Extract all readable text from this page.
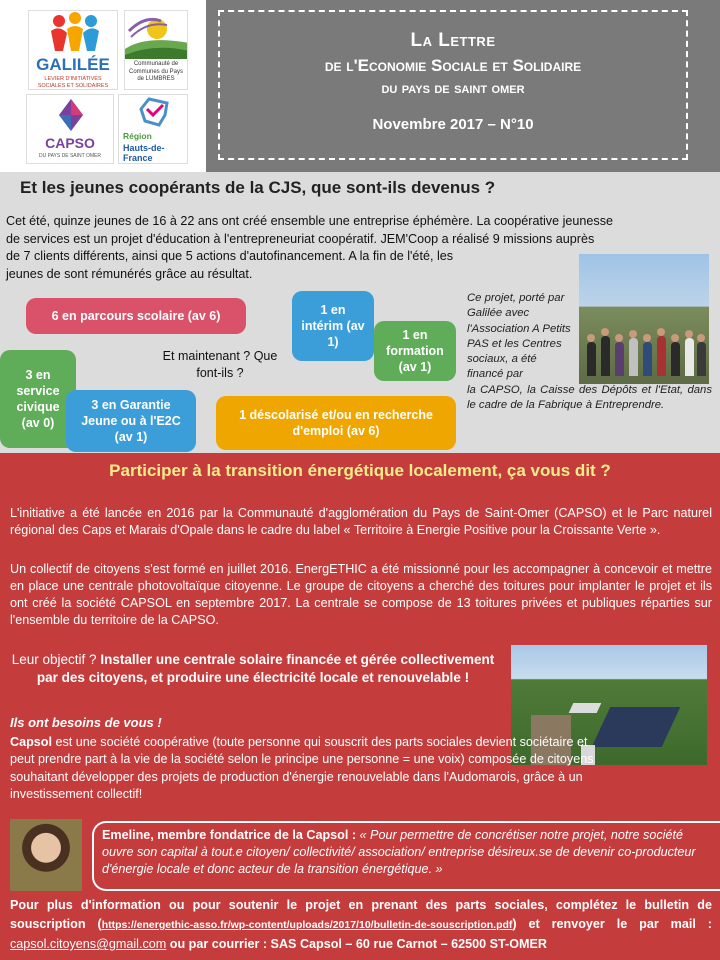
GALILÉE
LEVIER D'INITIATIVES SOCIALES ET SOLIDAIRES
Communauté de Communes du Pays de LUMBRES
CAPSO
DU PAYS DE SAINT OMER
Région
Hauts-de-France
La Lettre
de l'Economie Sociale et Solidaire
du pays de saint omer
Novembre 2017 – N°10
Et les jeunes coopérants de la CJS, que sont-ils devenus ?
Cet été, quinze jeunes de 16 à 22 ans ont créé ensemble une entreprise éphémère. La coopérative jeunesse
de services est un projet d'éducation à l'entrepreneuriat coopératif. JEM'Coop a réalisé 9 missions auprès
de 7 clients différents, ainsi que 5 actions d'autofinancement. A la fin de l'été, les
jeunes de sont rémunérés grâce au résultat.
Ce projet, porté par Galilée avec l'Association A Petits PAS et les Centres sociaux, a été financé par
la CAPSO, la Caisse des Dépôts et l'Etat, dans le cadre de la Fabrique à Entreprendre.
6 en parcours scolaire (av 6)	1 en intérim (av 1)	1 en formation (av 1)
Et maintenant ? Que font-ils ?
3 en service civique (av 0)
3 en Garantie Jeune ou à l'E2C (av 1)
1 déscolarisé et/ou en recherche d'emploi (av 6)
Participer à la transition énergétique localement, ça vous dit ?
L'initiative a été lancée en 2016 par la Communauté d'agglomération du Pays de Saint-Omer (CAPSO) et le Parc naturel régional des Caps et Marais d'Opale dans le cadre du label « Territoire à Energie Positive pour la Croissante Verte ».
Un collectif de citoyens s'est formé en juillet 2016. EnergETHIC a été missionné pour les accompagner à concevoir et mettre en place une centrale photovoltaïque citoyenne. Le groupe de citoyens a cherché des toitures pour implanter le projet et ils ont créé la société CAPSOL en septembre 2017. La centrale se compose de 13 toitures privées et publiques réparties sur l'ensemble du territoire de la CAPSO.
Leur objectif ? Installer une centrale solaire financée et gérée collectivement par des citoyens, et produire une électricité locale et renouvelable !
Ils ont besoins de vous !
Capsol est une société coopérative (toute personne qui souscrit des parts sociales devient sociétaire et peut prendre part à la vie de la société selon le principe une personne = une voix) composée de citoyens souhaitant développer des projets de production d'énergie renouvelable dans l'Audomarois, grâce à un investissement collectif!
Emeline, membre fondatrice de la Capsol : « Pour permettre de concrétiser notre projet, notre société ouvre son capital à tout.e citoyen/ collectivité/ association/ entreprise désireux.se de devenir co-producteur d'énergie locale et donc acteur de la transition énergétique. »
Pour plus d'information ou pour soutenir le projet en prenant des parts sociales, complétez le bulletin de souscription (https://energethic-asso.fr/wp-content/uploads/2017/10/bulletin-de-souscription.pdf) et renvoyer le par mail : capsol.citoyens@gmail.com ou par courrier : SAS Capsol – 60 rue Carnot – 62500 ST-OMER
